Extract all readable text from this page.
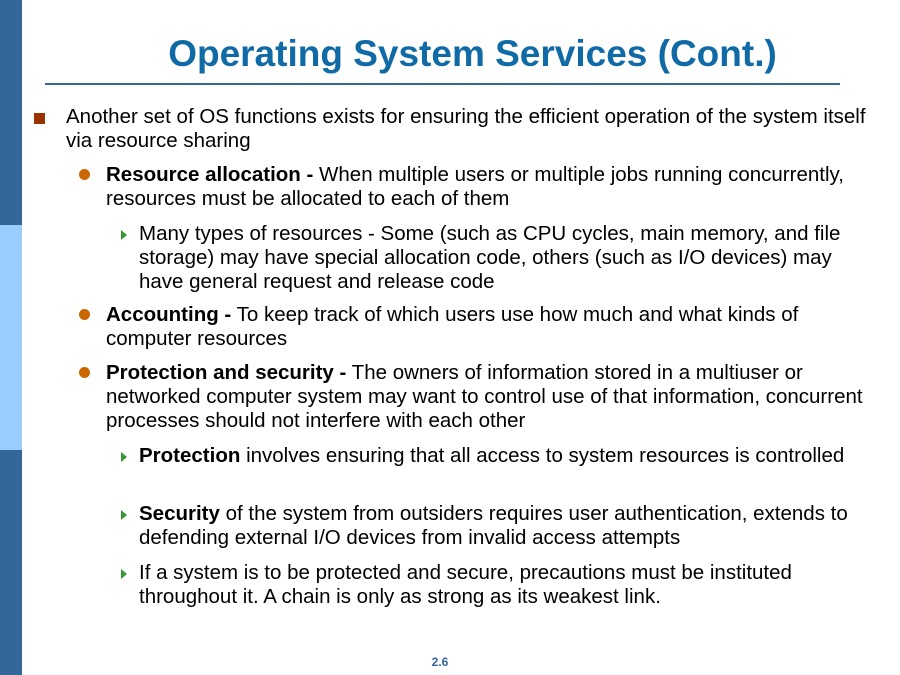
Operating System Services (Cont.)
Another set of OS functions exists for ensuring the efficient operation of the system itself via resource sharing
Resource allocation - When multiple users or multiple jobs running concurrently, resources must be allocated to each of them
Many types of resources - Some (such as CPU cycles, main memory, and file storage) may have special allocation code, others (such as I/O devices) may have general request and release code
Accounting - To keep track of which users use how much and what kinds of computer resources
Protection and security - The owners of information stored in a multiuser or networked computer system may want to control use of that information, concurrent processes should not interfere with each other
Protection involves ensuring that all access to system resources is controlled
Security of the system from outsiders requires user authentication, extends to defending external I/O devices from invalid access attempts
If a system is to be protected and secure, precautions must be instituted throughout it. A chain is only as strong as its weakest link.
2.6
